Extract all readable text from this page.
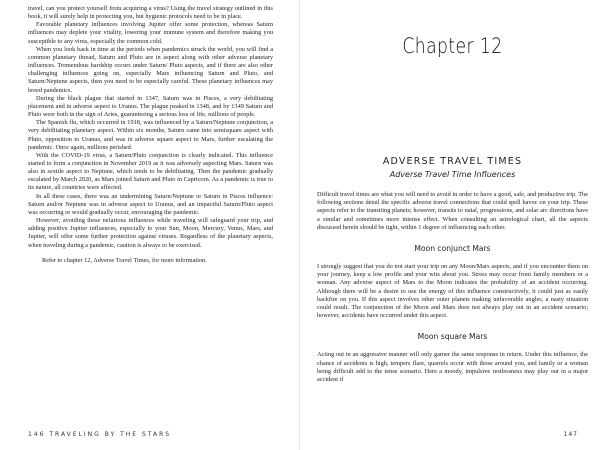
travel, can you protect yourself from acquiring a virus? Using the travel strategy outlined in this book, it will surely help in protecting you, but hygienic protocols need to be in place.

Favorable planetary influences involving Jupiter offer some protection, whereas Saturn influences may deplete your vitality, lowering your immune system and therefore making you susceptible to any virus, especially the common cold.

When you look back in time at the periods when pandemics struck the world, you will find a common planetary thread, Saturn and Pluto are in aspect along with other adverse planetary influences. Tremendous hardship occurs under Saturn/ Pluto aspects, and if there are also other challenging influences going on, especially Mars influencing Saturn and Pluto, and Saturn/Neptune aspects, then you need to be especially careful. These planetary influences may breed pandemics.

During the black plague that started in 1347, Saturn was in Pisces, a very debilitating placement and in adverse aspect to Uranus. The plague peaked in 1348, and by 1349 Saturn and Pluto were both in the sign of Aries, guaranteeing a serious loss of life, millions of people.

The Spanish flu, which occurred in 1918, was influenced by a Saturn/Neptune conjunction, a very debilitating planetary aspect. Within six months, Saturn came into semisquare aspect with Pluto, opposition to Uranus, and was in adverse square aspect to Mars, further escalating the pandemic. Once again, millions perished.

With the COVID-19 virus, a Saturn/Pluto conjunction is clearly indicated. This influence started to form a conjunction in November 2019 as it was adversely aspecting Mars. Saturn was also in sextile aspect to Neptune, which tends to be debilitating. Then the pandemic gradually escalated by March 2020, as Mars joined Saturn and Pluto in Capricorn. As a pandemic is true to its nature, all countries were affected.

In all three cases, there was an undermining Saturn/Neptune or Saturn in Pisces influence: Saturn and/or Neptune was in adverse aspect to Uranus, and an impactful Saturn/Pluto aspect was occurring or would gradually occur, encouraging the pandemic.

However, avoiding these nefarious influences while traveling will safeguard your trip, and adding positive Jupiter influences, especially to your Sun, Moon, Mercury, Venus, Mars, and Jupiter, will offer some further protection against viruses. Regardless of the planetary aspects, when traveling during a pandemic, caution is always to be exercised.

Refer to chapter 12, Adverse Travel Times, for more information.

146 TRAVELING BY THE STARS
Chapter 12
ADVERSE TRAVEL TIMES
Adverse Travel Time Influences

Difficult travel times are what you will need to avoid in order to have a good, safe, and productive trip. The following sections detail the specific adverse travel connections that could spell havoc on your trip. These aspects refer to the transiting planets; however, transits to natal, progressions, and solar arc directions have a similar and sometimes more intense effect. When consulting an astrological chart, all the aspects discussed herein should be tight, within 1 degree of influencing each other.

Moon conjunct Mars

I strongly suggest that you do not start your trip on any Moon/Mars aspects, and if you encounter them on your journey, keep a low profile and your wits about you. Stress may occur from family members or a woman. Any adverse aspect of Mars to the Moon indicates the probability of an accident occurring. Although there will be a desire to use the energy of this influence constructively, it could just as easily backfire on you. If this aspect involves other outer planets making unfavorable angles, a nasty situation could result. The conjunction of the Moon and Mars does not always play out in an accident scenario; however, accidents have occurred under this aspect.

Moon square Mars

Acting out in an aggressive manner will only garner the same response in return. Under this influence, the chance of accidents is high, tempers flare, quarrels occur with those around you, and family or a woman being difficult add to the tense scenario. Here a moody, impulsive restlessness may play out in a major accident if

147
